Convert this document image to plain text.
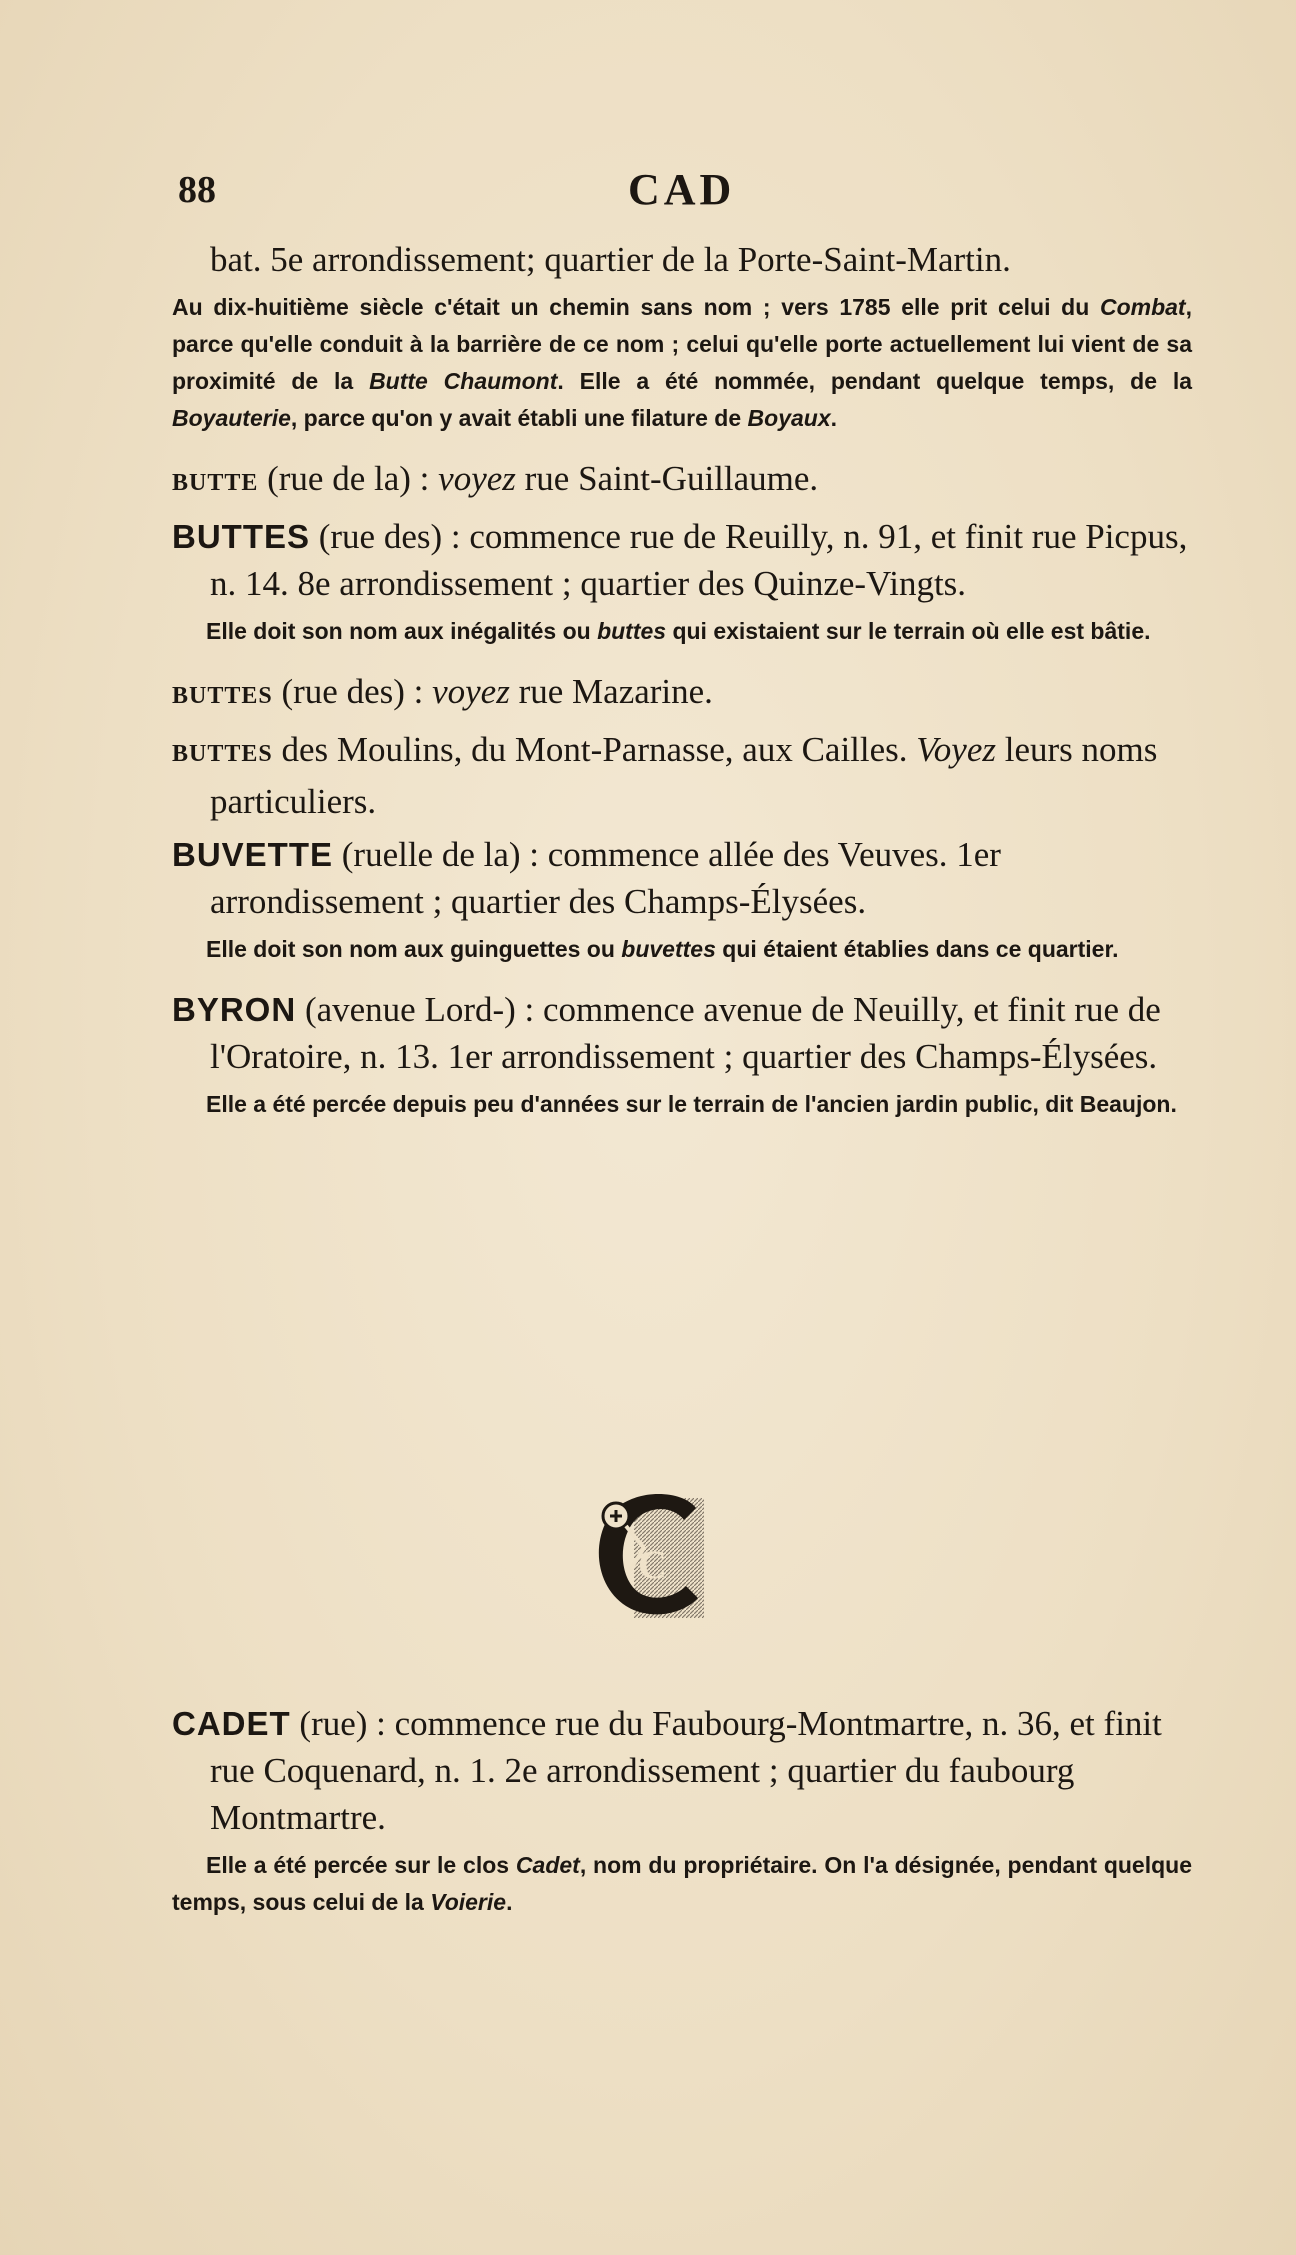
88	CAD

bat. 5e arrondissement; quartier de la Porte-Saint-Martin.

Au dix-huitième siècle c'était un chemin sans nom ; vers 1785 elle prit celui du Combat, parce qu'elle conduit à la barrière de ce nom ; celui qu'elle porte actuellement lui vient de sa proximité de la Butte Chaumont. Elle a été nommée, pendant quelque temps, de la Boyauterie, parce qu'on y avait établi une filature de Boyaux.

BUTTE (rue de la) : voyez rue Saint-Guillaume.

BUTTES (rue des) : commence rue de Reuilly, n. 91, et finit rue Picpus, n. 14. 8e arrondissement ; quartier des Quinze-Vingts.

Elle doit son nom aux inégalités ou buttes qui existaient sur le terrain où elle est bâtie.

BUTTES (rue des) : voyez rue Mazarine.

BUTTES des Moulins, du Mont-Parnasse, aux Cailles. Voyez leurs noms particuliers.

BUVETTE (ruelle de la) : commence allée des Veuves. 1er arrondissement ; quartier des Champs-Élysées.

Elle doit son nom aux guinguettes ou buvettes qui étaient établies dans ce quartier.

BYRON (avenue Lord-) : commence avenue de Neuilly, et finit rue de l'Oratoire, n. 13. 1er arrondissement ; quartier des Champs-Élysées.

Elle a été percée depuis peu d'années sur le terrain de l'ancien jardin public, dit Beaujon.

C

CADET (rue) : commence rue du Faubourg-Montmartre, n. 36, et finit rue Coquenard, n. 1. 2e arrondissement ; quartier du faubourg Montmartre.

Elle a été percée sur le clos Cadet, nom du propriétaire. On l'a désignée, pendant quelque temps, sous celui de la Voierie.
